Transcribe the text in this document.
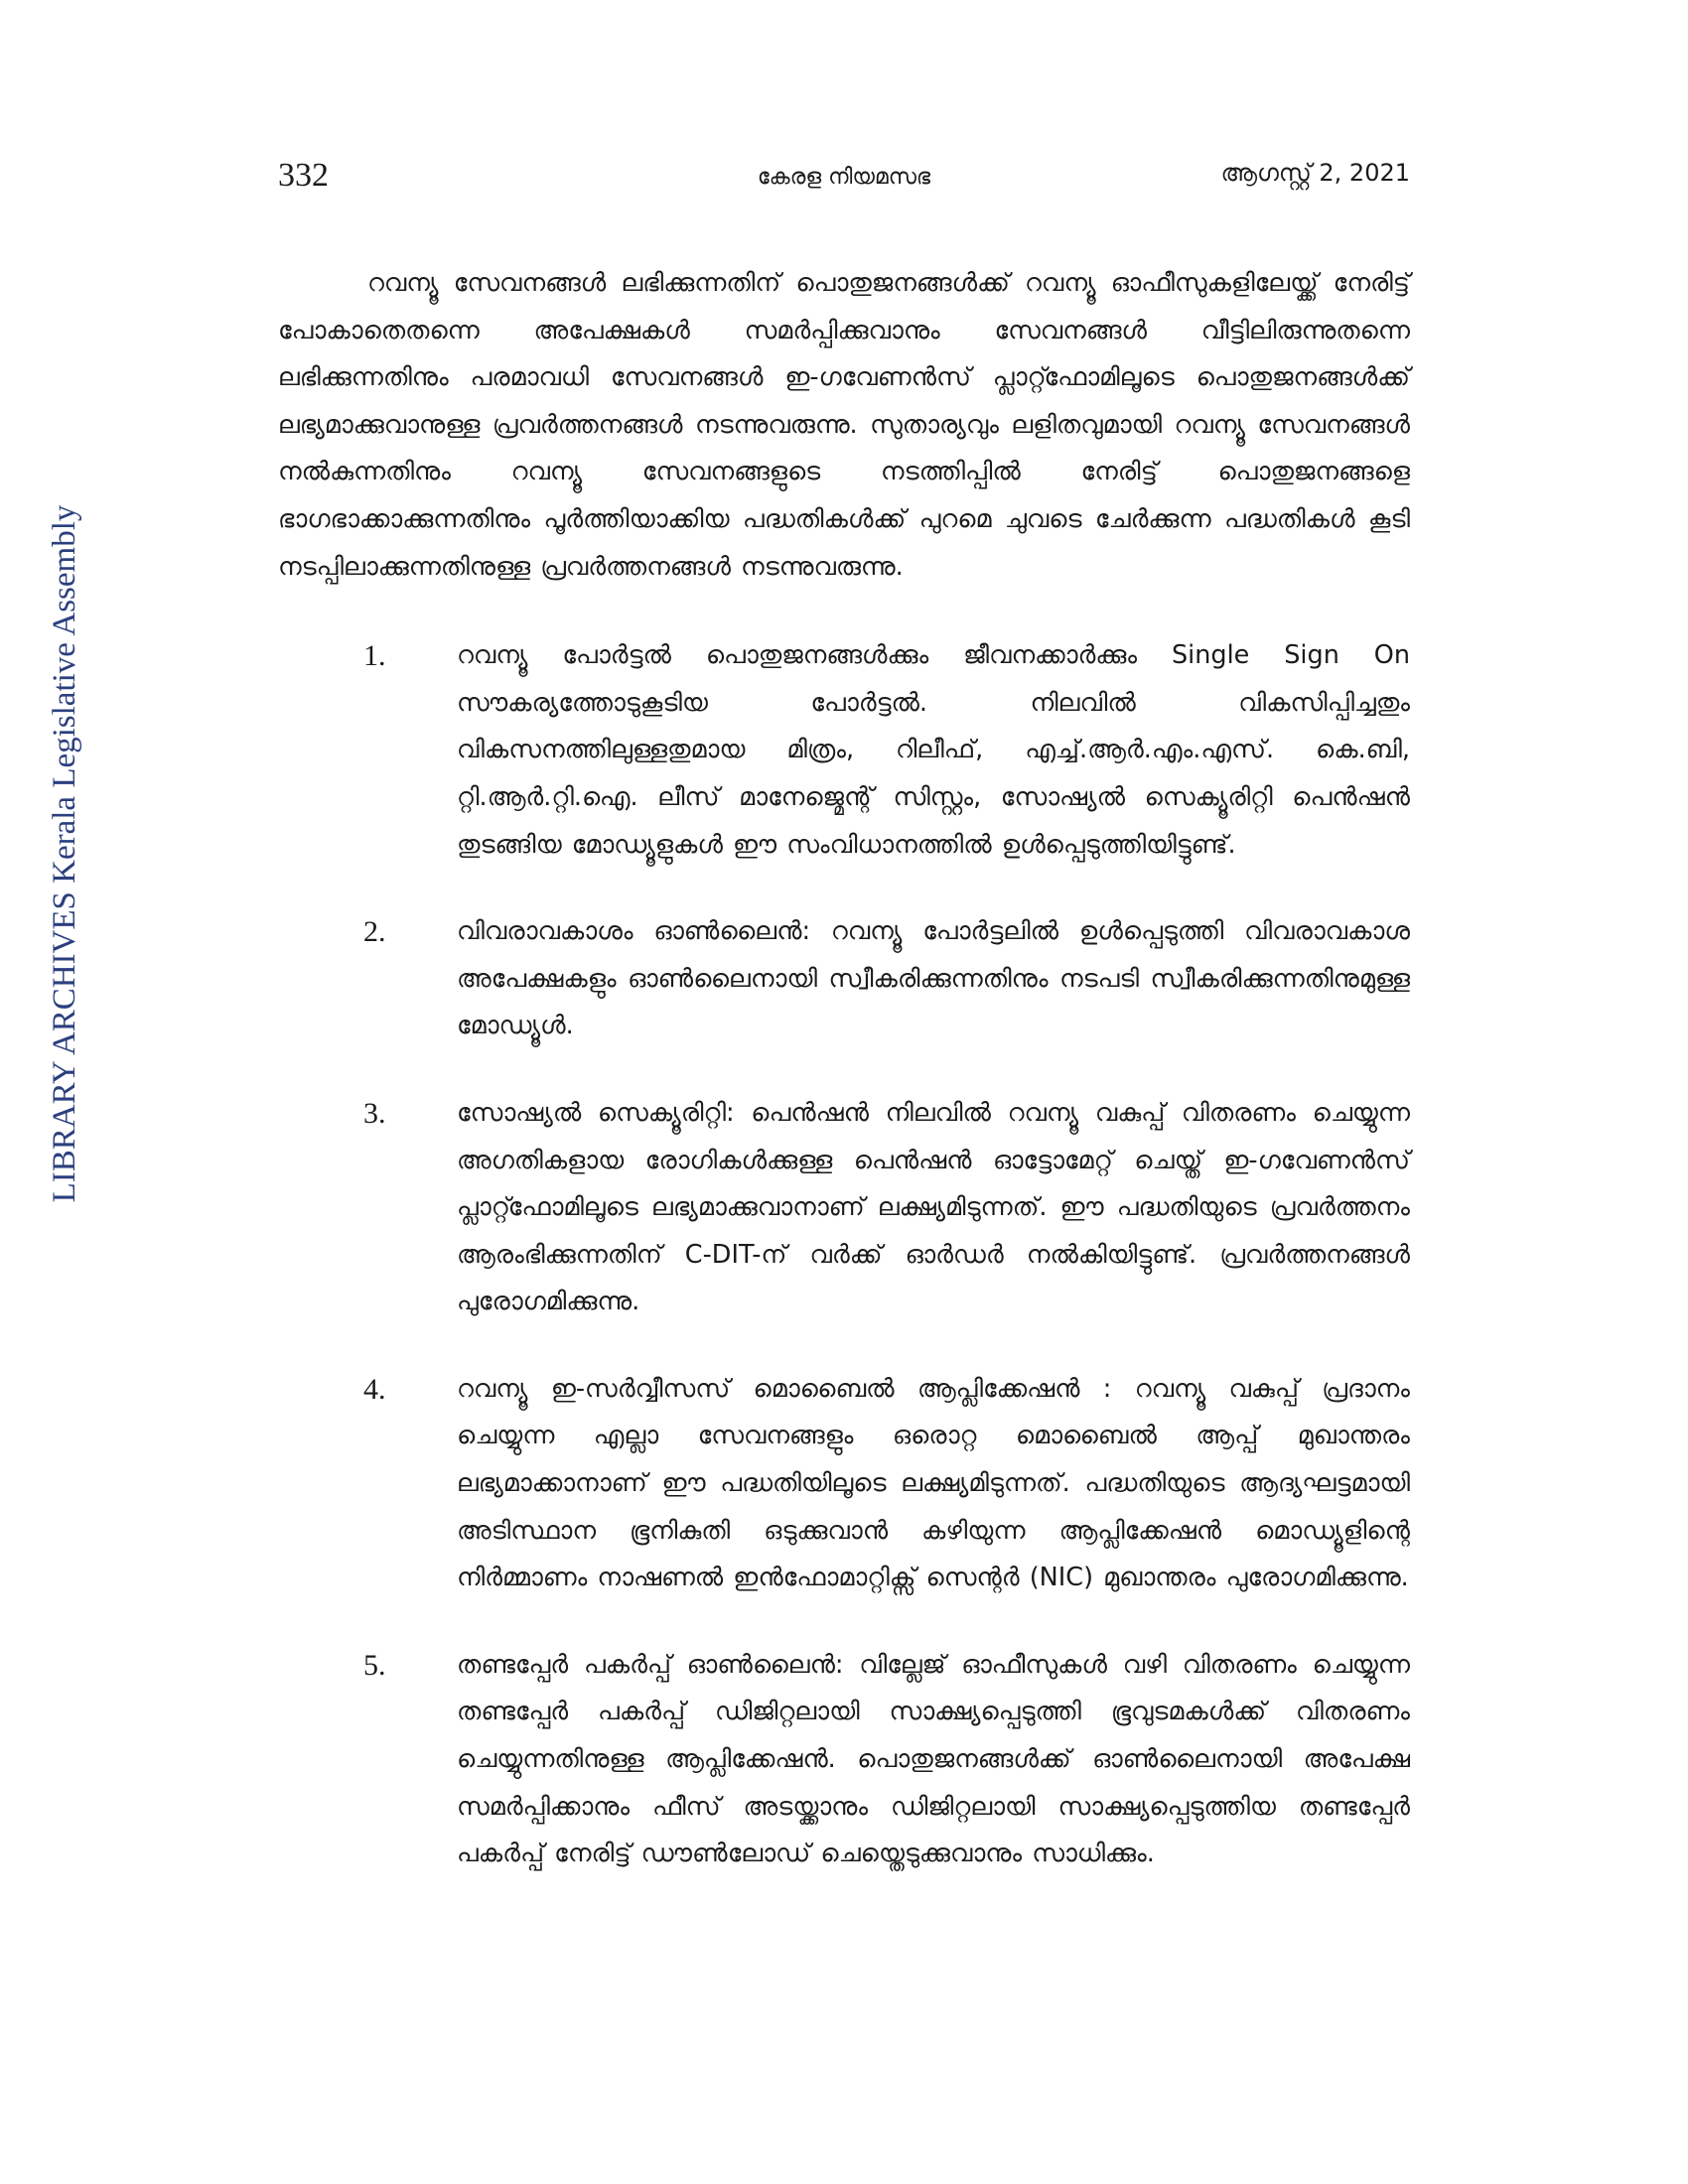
332	കേരള നിയമസഭ	ആഗസ്റ്റ് 2, 2021
LIBRARY ARCHIVES Kerala Legislative Assembly

റവന്യൂ സേവനങ്ങൾ ലഭിക്കുന്നതിന് പൊതുജനങ്ങൾക്ക് റവന്യൂ ഓഫീസുകളിലേയ്ക്ക് നേരിട്ട് പോകാതെതന്നെ അപേക്ഷകൾ സമർപ്പിക്കുവാനും സേവനങ്ങൾ വീട്ടിലിരുന്നുതന്നെ ലഭിക്കുന്നതിനും പരമാവധി സേവനങ്ങൾ ഇ-ഗവേണൻസ് പ്ലാറ്റ്ഫോമിലൂടെ പൊതുജനങ്ങൾക്ക് ലഭ്യമാക്കുവാനുള്ള പ്രവർത്തനങ്ങൾ നടന്നുവരുന്നു. സുതാര്യവും ലളിതവുമായി റവന്യൂ സേവനങ്ങൾ നൽകുന്നതിനും റവന്യൂ സേവനങ്ങളുടെ നടത്തിപ്പിൽ നേരിട്ട് പൊതുജനങ്ങളെ ഭാഗഭാക്കാക്കുന്നതിനും പൂർത്തിയാക്കിയ പദ്ധതികൾക്ക് പുറമെ ചുവടെ ചേർക്കുന്ന പദ്ധതികൾ കൂടി നടപ്പിലാക്കുന്നതിനുള്ള പ്രവർത്തനങ്ങൾ നടന്നുവരുന്നു.

1.	റവന്യൂ പോർട്ടൽ പൊതുജനങ്ങൾക്കും ജീവനക്കാർക്കും Single Sign On സൗകര്യത്തോടുകൂടിയ പോർട്ടൽ. നിലവിൽ വികസിപ്പിച്ചതും വികസനത്തിലുള്ളതുമായ മിത്രം, റിലീഫ്, എച്ച്.ആർ.എം.എസ്. കെ.ബി, റ്റി.ആർ.റ്റി.ഐ. ലീസ് മാനേജ്മെന്റ് സിസ്റ്റം, സോഷ്യൽ സെക്യൂരിറ്റി പെൻഷൻ തുടങ്ങിയ മോഡ്യൂളുകൾ ഈ സംവിധാനത്തിൽ ഉൾപ്പെടുത്തിയിട്ടുണ്ട്.

2.	വിവരാവകാശം ഓൺലൈൻ: റവന്യൂ പോർട്ടലിൽ ഉൾപ്പെടുത്തി വിവരാവകാശ അപേക്ഷകളും ഓൺലൈനായി സ്വീകരിക്കുന്നതിനും നടപടി സ്വീകരിക്കുന്നതിനുമുള്ള മോഡ്യൂൾ.

3.	സോഷ്യൽ സെക്യൂരിറ്റി: പെൻഷൻ നിലവിൽ റവന്യൂ വകുപ്പ് വിതരണം ചെയ്യുന്ന അഗതികളായ രോഗികൾക്കുള്ള പെൻഷൻ ഓട്ടോമേറ്റ് ചെയ്ത് ഇ-ഗവേണൻസ് പ്ലാറ്റ്ഫോമിലൂടെ ലഭ്യമാക്കുവാനാണ് ലക്ഷ്യമിടുന്നത്. ഈ പദ്ധതിയുടെ പ്രവർത്തനം ആരംഭിക്കുന്നതിന് C-DIT-ന് വർക്ക് ഓർഡർ നൽകിയിട്ടുണ്ട്. പ്രവർത്തനങ്ങൾ പുരോഗമിക്കുന്നു.

4.	റവന്യൂ ഇ-സർവ്വീസസ് മൊബൈൽ ആപ്ലിക്കേഷൻ : റവന്യൂ വകുപ്പ് പ്രദാനം ചെയ്യുന്ന എല്ലാ സേവനങ്ങളും ഒരൊറ്റ മൊബൈൽ ആപ്പ് മുഖാന്തരം ലഭ്യമാക്കാനാണ് ഈ പദ്ധതിയിലൂടെ ലക്ഷ്യമിടുന്നത്. പദ്ധതിയുടെ ആദ്യഘട്ടമായി അടിസ്ഥാന ഭൂനികുതി ഒടുക്കുവാൻ കഴിയുന്ന ആപ്ലിക്കേഷൻ മൊഡ്യൂളിന്റെ നിർമ്മാണം നാഷണൽ ഇൻഫോമാറ്റിക്സ് സെന്റർ (NIC) മുഖാന്തരം പുരോഗമിക്കുന്നു.

5.	തണ്ടപ്പേർ പകർപ്പ് ഓൺലൈൻ: വില്ലേജ് ഓഫീസുകൾ വഴി വിതരണം ചെയ്യുന്ന തണ്ടപ്പേർ പകർപ്പ് ഡിജിറ്റലായി സാക്ഷ്യപ്പെടുത്തി ഭൂവുടമകൾക്ക് വിതരണം ചെയ്യുന്നതിനുള്ള ആപ്ലിക്കേഷൻ. പൊതുജനങ്ങൾക്ക് ഓൺലൈനായി അപേക്ഷ സമർപ്പിക്കാനും ഫീസ് അടയ്ക്കാനും ഡിജിറ്റലായി സാക്ഷ്യപ്പെടുത്തിയ തണ്ടപ്പേർ പകർപ്പ് നേരിട്ട് ഡൗൺലോഡ് ചെയ്തെടുക്കുവാനും സാധിക്കും.
